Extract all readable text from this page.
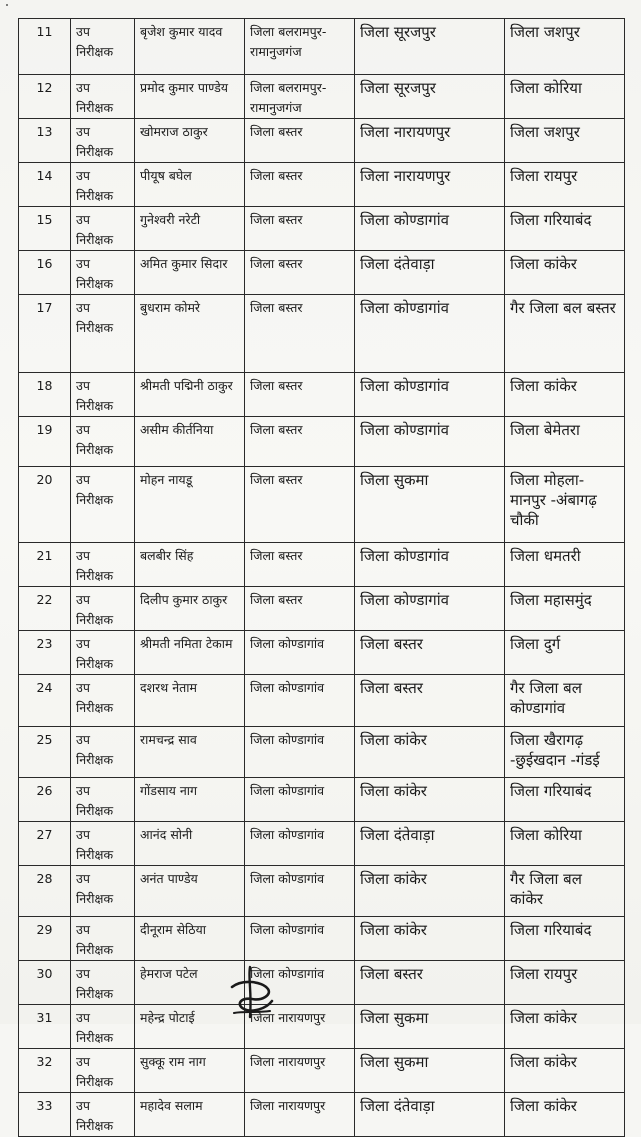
11	उप निरीक्षक	बृजेश कुमार यादव	जिला बलरामपुर-रामानुजगंज	जिला सूरजपुर	जिला जशपुर
12	उप निरीक्षक	प्रमोद कुमार पाण्डेय	जिला बलरामपुर-रामानुजगंज	जिला सूरजपुर	जिला कोरिया
13	उप निरीक्षक	खोमराज ठाकुर	जिला बस्तर	जिला नारायणपुर	जिला जशपुर
14	उप निरीक्षक	पीयूष बघेल	जिला बस्तर	जिला नारायणपुर	जिला रायपुर
15	उप निरीक्षक	गुनेश्वरी नरेटी	जिला बस्तर	जिला कोण्डागांव	जिला गरियाबंद
16	उप निरीक्षक	अमित कुमार सिदार	जिला बस्तर	जिला दंतेवाड़ा	जिला कांकेर
17	उप निरीक्षक	बुधराम कोमरे	जिला बस्तर	जिला कोण्डागांव	गैर जिला बल बस्तर
18	उप निरीक्षक	श्रीमती पद्मिनी ठाकुर	जिला बस्तर	जिला कोण्डागांव	जिला कांकेर
19	उप निरीक्षक	असीम कीर्तनिया	जिला बस्तर	जिला कोण्डागांव	जिला बेमेतरा
20	उप निरीक्षक	मोहन नायडू	जिला बस्तर	जिला सुकमा	जिला मोहला-मानपुर -अंबागढ़ चौकी
21	उप निरीक्षक	बलबीर सिंह	जिला बस्तर	जिला कोण्डागांव	जिला धमतरी
22	उप निरीक्षक	दिलीप कुमार ठाकुर	जिला बस्तर	जिला कोण्डागांव	जिला महासमुंद
23	उप निरीक्षक	श्रीमती नमिता टेकाम	जिला कोण्डागांव	जिला बस्तर	जिला दुर्ग
24	उप निरीक्षक	दशरथ नेताम	जिला कोण्डागांव	जिला बस्तर	गैर जिला बल कोण्डागांव
25	उप निरीक्षक	रामचन्द्र साव	जिला कोण्डागांव	जिला कांकेर	जिला खैरागढ़ -छुईखदान -गंडई
26	उप निरीक्षक	गोंडसाय नाग	जिला कोण्डागांव	जिला कांकेर	जिला गरियाबंद
27	उप निरीक्षक	आनंद सोनी	जिला कोण्डागांव	जिला दंतेवाड़ा	जिला कोरिया
28	उप निरीक्षक	अनंत पाण्डेय	जिला कोण्डागांव	जिला कांकेर	गैर जिला बल कांकेर
29	उप निरीक्षक	दीनूराम सेठिया	जिला कोण्डागांव	जिला कांकेर	जिला गरियाबंद
30	उप निरीक्षक	हेमराज पटेल	जिला कोण्डागांव	जिला बस्तर	जिला रायपुर
31	उप निरीक्षक	महेन्द्र पोटाई	जिला नारायणपुर	जिला सुकमा	जिला कांकेर
32	उप निरीक्षक	सुक्कू राम नाग	जिला नारायणपुर	जिला सुकमा	जिला कांकेर
33	उप निरीक्षक	महादेव सलाम	जिला नारायणपुर	जिला दंतेवाड़ा	जिला कांकेर
